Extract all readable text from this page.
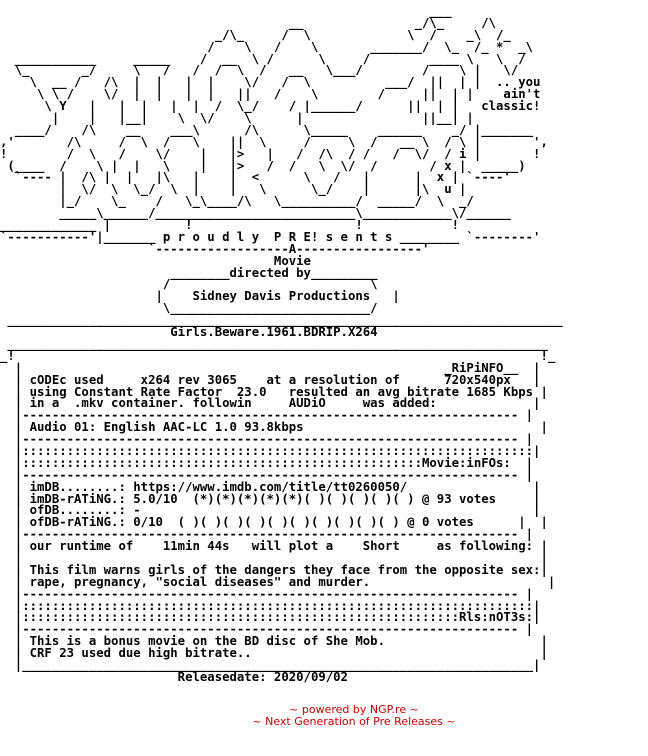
___
__               _/\_     /\
_/\_     /  \             \  /    _\  /_
/    \   /    \       _______/  \_  /_ *  _\
___________     _____    /  __  \ /      \     /        ____ \   \  /
\_       _/     \   /   /  /  \  /   __   \___/        /    \ |   \/
\  __ /   /\  |  |   |  |    \/   /  \          ___/  ||  | |  .. you
\ \ /    \/  |  |   |  |   ||   /    \        /     ||  | |    ain't
\ Y   |   |  |   |  |  /  \_/    / |______/      ||  | |   classic!
|    |   |__|    \  \/    \      |                ||__| |
____/    /\    __    ___\      /\      \_____    ______    _/ |_______
,'       /\     /  \  /   \    ||  \     /     \  /   __ \  / \ |       ',
!        /  \   /    \/    |   |>   |   /  /\  / /   /  \/  / i |       !
(____  /    \ |  |   \    |   |>   /  /   \  \/  /       / x |  _____)
`---- |  /\ |  |   |\   |    |  <      \   /   |      |  x | `----'
|  \/  \  \_/  \  |    |   \      \_/    |      |\  u |
|_/    \_    /   \_\____/\   \__________/  _____/  \  _/
_____\______/___________________________\____________\/______
_____________ |          !                      !            !
`-----------'|_______ p r o u d l y  P R E! s e n t s ________ `--------'
`------------------A-----------------'
Movie
________directed by_________
/                           \
|    Sidney Davis Productions   |
\___________________________/
___________________________________________________________________________
Girls.Beware.1961.BDRIP.X264
_________________________________________________________________________
_!                                                                       !_
|                                                         _RiPiNFO__  |
| cODEc used     x264 rev 3065    at a resolution of      720x540px   |
| using Constant Rate Factor  23.0   resulted an avg bitrate 1685 Kbps |
| in a  .mkv container. followin     AUDiO     was added:             |
|------------------------------------------------------------------- |
| Audio 01: English AAC-LC 1.0 93.8kbps                                |
|------------------------------------------------------------------- |
|:::::::::::::::::::::::::::::::::::::::::::::::::::::::::::::::::::::|
|::::::::::::::::::::::::::::::::::::::::::::::::::::::Movie:inFOs:  |
|------------------------------------------------------------------- |
| imDB........: https://www.imdb.com/title/tt0260050/                 |
| imDB-rATiNG.: 5.0/10  (*)(*)(*)(*)(*)( )( )( )( )( ) @ 93 votes     |
| ofDB........: -                                                     |
| ofDB-rATiNG.: 0/10  ( )( )( )( )( )( )( )( )( )( ) @ 0 votes      |  |
|------------------------------------------------------------------- |
| our runtime of    11min 44s   will plot a    Short     as following: |
|                                                                      |
| This film warns girls of the dangers they face from the opposite sex:|
| rape, pregnancy, "social diseases" and murder.                        |
|------------------------------------------------------------------- |
|:::::::::::::::::::::::::::::::::::::::::::::::::::::::::::::::::::::|
|:::::::::::::::::::::::::::::::::::::::::::::::::::::::::::Rls:nOT3s:|
|------------------------------------------------------------------- |
| This is a bonus movie on the BD disc of She Mob.                     |
| CRF 23 used due high bitrate..                                       |
|_____________________________________________________________________|
Releasedate: 2020/09/02
~ powered by NGP.re ~
~ Next Generation of Pre Releases ~
